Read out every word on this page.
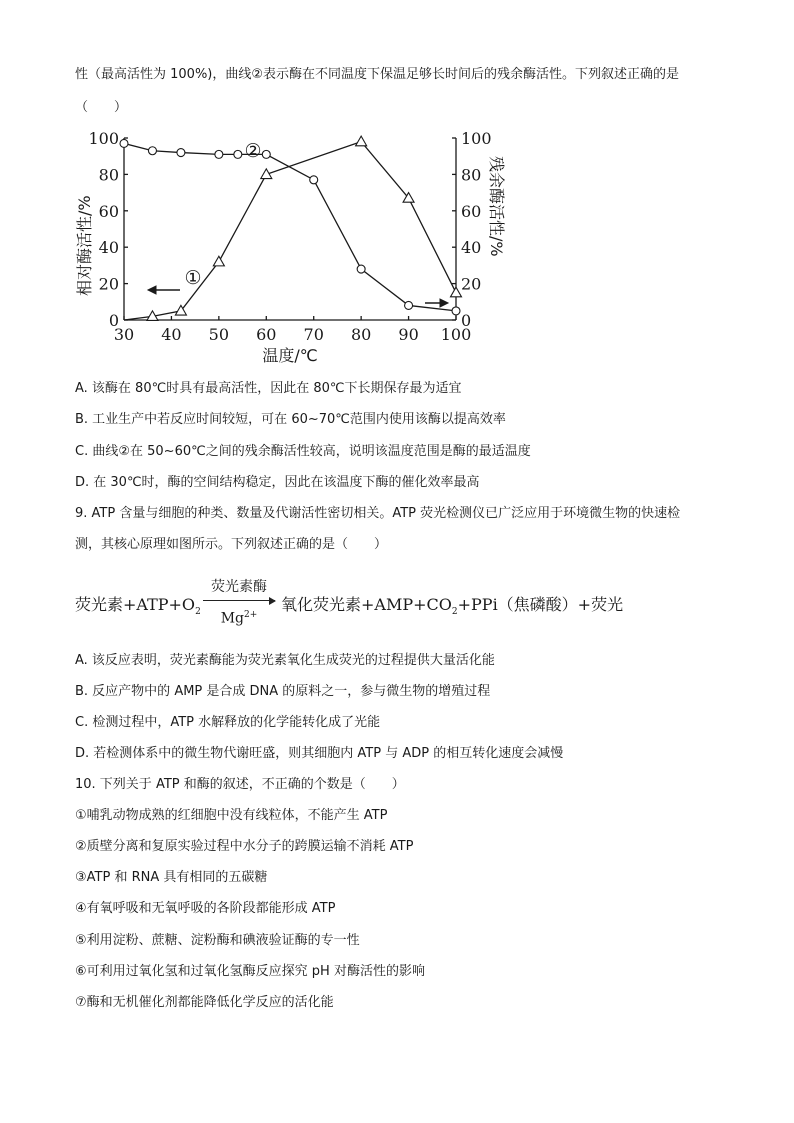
性（最高活性为 100%)，曲线②表示酶在不同温度下保温足够长时间后的残余酶活性。下列叙述正确的是
（　　）
30 40 50 60 70 80 90 100
0	0
20	20
40	40
60	60
80	80
100	100
相对酶活性/%	残余酶活性/%
温度/℃
①
②
A. 该酶在 80℃时具有最高活性，因此在 80℃下长期保存最为适宜
B. 工业生产中若反应时间较短，可在 60~70℃范围内使用该酶以提高效率
C. 曲线②在 50~60℃之间的残余酶活性较高，说明该温度范围是酶的最适温度
D. 在 30℃时，酶的空间结构稳定，因此在该温度下酶的催化效率最高
9. ATP 含量与细胞的种类、数量及代谢活性密切相关。ATP 荧光检测仪已广泛应用于环境微生物的快速检
测，其核心原理如图所示。下列叙述正确的是（　　）
荧光素$+ATP+O_2$
荧光素酶
$Mg^{2+}$
氧化荧光素$+AMP+CO_2+PPi$（焦磷酸）+荧光
A. 该反应表明，荧光素酶能为荧光素氧化生成荧光的过程提供大量活化能
B. 反应产物中的 AMP 是合成 DNA 的原料之一，参与微生物的增殖过程
C. 检测过程中，ATP 水解释放的化学能转化成了光能
D. 若检测体系中的微生物代谢旺盛，则其细胞内 ATP 与 ADP 的相互转化速度会减慢
10. 下列关于 ATP 和酶的叙述，不正确的个数是（　　）
①哺乳动物成熟的红细胞中没有线粒体，不能产生 ATP
②质壁分离和复原实验过程中水分子的跨膜运输不消耗 ATP
③ATP 和 RNA 具有相同的五碳糖
④有氧呼吸和无氧呼吸的各阶段都能形成 ATP
⑤利用淀粉、蔗糖、淀粉酶和碘液验证酶的专一性
⑥可利用过氧化氢和过氧化氢酶反应探究 pH 对酶活性的影响
⑦酶和无机催化剂都能降低化学反应的活化能
